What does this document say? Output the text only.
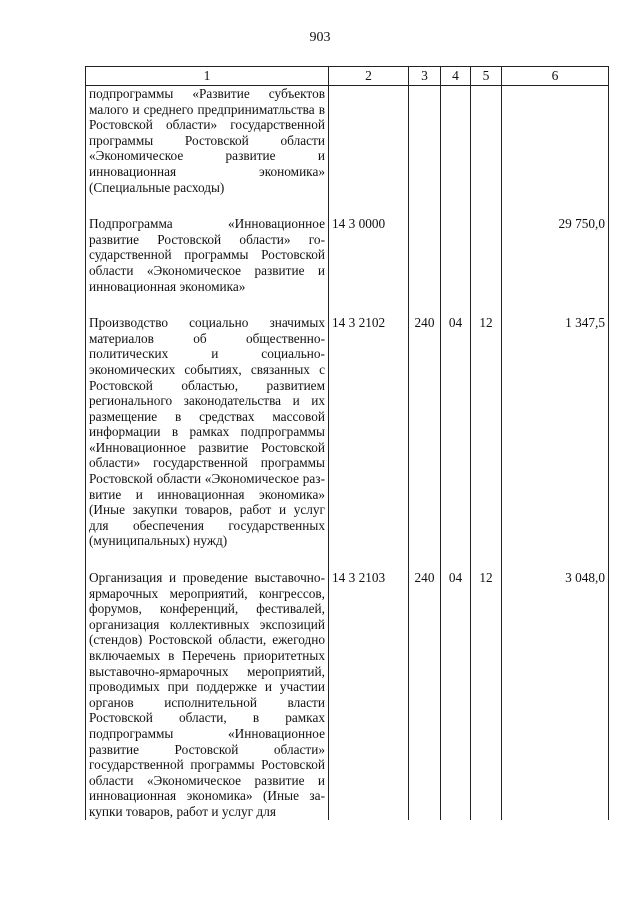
903
1	2	3	4	5	6
подпрограммы «Развитие субъектов малого и среднего предприниматльства в Ростовской области» государственной программы Ростовской области «Экономическое развитие и инновационная экономика» (Специальные расходы)					
Подпрограмма «Инновационное развитие Ростовской области» государственной программы Ростовской области «Экономическое развитие и инновационная экономика»	14 3 0000				29 750,0
Производство социально значимых материалов об общественно-политических и социально-экономических событиях, связанных с Ростовской областью, развитием регионального законодательства и их размещение в средствах массовой информации в рамках подпрограммы «Инновационное развитие Ростовской области» государственной программы Ростовской области «Экономическое развитие и инновационная экономика» (Иные закупки товаров, работ и услуг для обеспечения государственных (муниципальных) нужд)	14 3 2102	240	04	12	1 347,5
Организация и проведение выставочно-ярмарочных мероприятий, конгрессов, форумов, конференций, фестивалей, организация коллективных экспозиций (стендов) Ростовской области, ежегодно включаемых в Перечень приоритетных выставочно-ярмарочных мероприятий, проводимых при поддержке и участии органов исполнительной власти Ростовской области, в рамках подпрограммы «Инновационное развитие Ростовской области» государственной программы Ростовской области «Экономическое развитие и инновационная экономика» (Иные закупки товаров, работ и услуг для	14 3 2103	240	04	12	3 048,0
